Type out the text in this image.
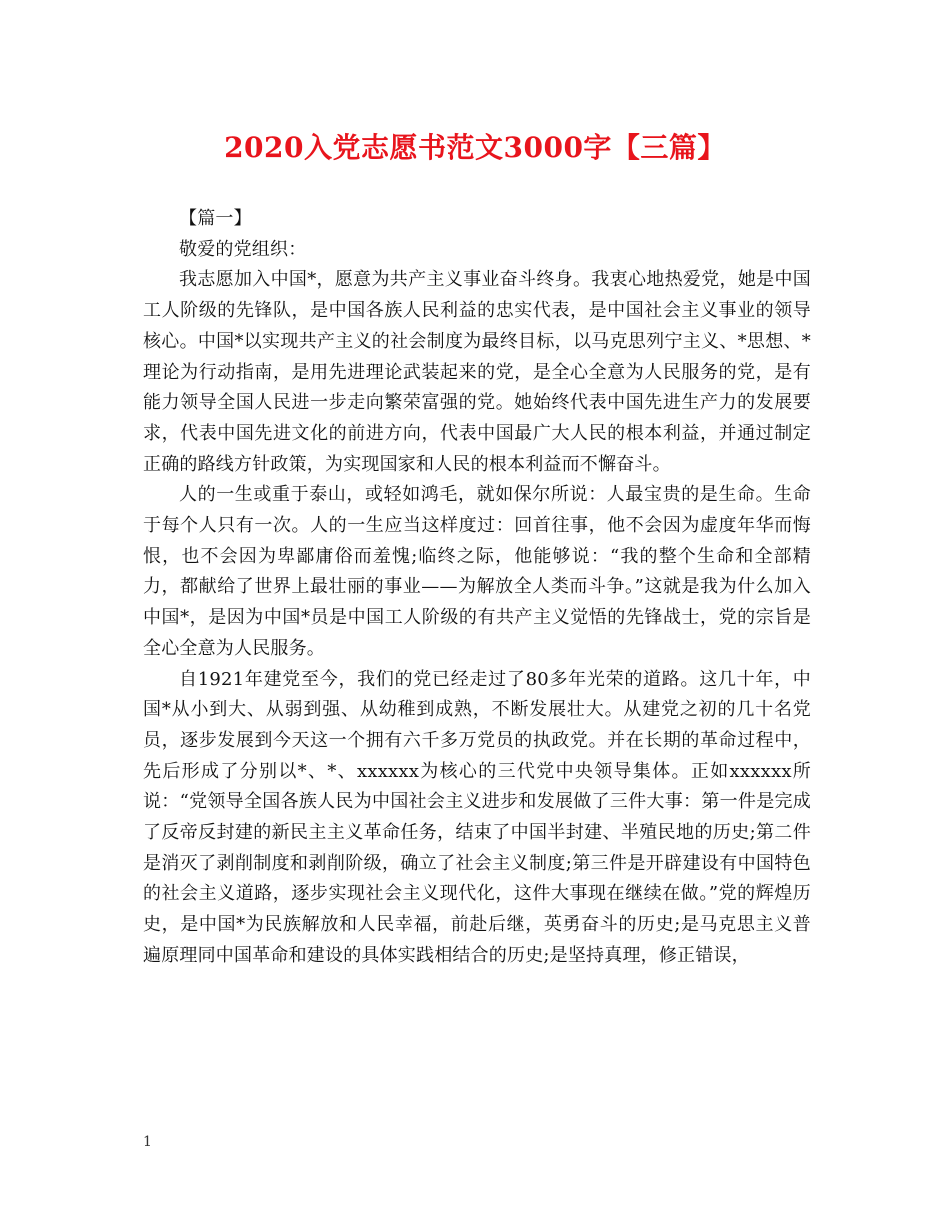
2020入党志愿书范文3000字【三篇】

【篇一】

敬爱的党组织：

我志愿加入中国*，愿意为共产主义事业奋斗终身。我衷心地热爱党，她是中国工人阶级的先锋队，是中国各族人民利益的忠实代表，是中国社会主义事业的领导核心。中国*以实现共产主义的社会制度为最终目标，以马克思列宁主义、*思想、*理论为行动指南，是用先进理论武装起来的党，是全心全意为人民服务的党，是有能力领导全国人民进一步走向繁荣富强的党。她始终代表中国先进生产力的发展要求，代表中国先进文化的前进方向，代表中国最广大人民的根本利益，并通过制定正确的路线方针政策，为实现国家和人民的根本利益而不懈奋斗。

人的一生或重于泰山，或轻如鸿毛，就如保尔所说：人最宝贵的是生命。生命于每个人只有一次。人的一生应当这样度过：回首往事，他不会因为虚度年华而悔恨，也不会因为卑鄙庸俗而羞愧;临终之际，他能够说：“我的整个生命和全部精力，都献给了世界上最壮丽的事业——为解放全人类而斗争。”这就是我为什么加入中国*，是因为中国*员是中国工人阶级的有共产主义觉悟的先锋战士，党的宗旨是全心全意为人民服务。

自1921年建党至今，我们的党已经走过了80多年光荣的道路。这几十年，中国*从小到大、从弱到强、从幼稚到成熟，不断发展壮大。从建党之初的几十名党员，逐步发展到今天这一个拥有六千多万党员的执政党。并在长期的革命过程中，先后形成了分别以*、*、xxxxxx为核心的三代党中央领导集体。正如xxxxxx所说：“党领导全国各族人民为中国社会主义进步和发展做了三件大事：第一件是完成了反帝反封建的新民主主义革命任务，结束了中国半封建、半殖民地的历史;第二件是消灭了剥削制度和剥削阶级，确立了社会主义制度;第三件是开辟建设有中国特色的社会主义道路，逐步实现社会主义现代化，这件大事现在继续在做。”党的辉煌历史，是中国*为民族解放和人民幸福，前赴后继，英勇奋斗的历史;是马克思主义普遍原理同中国革命和建设的具体实践相结合的历史;是坚持真理，修正错误，

1
